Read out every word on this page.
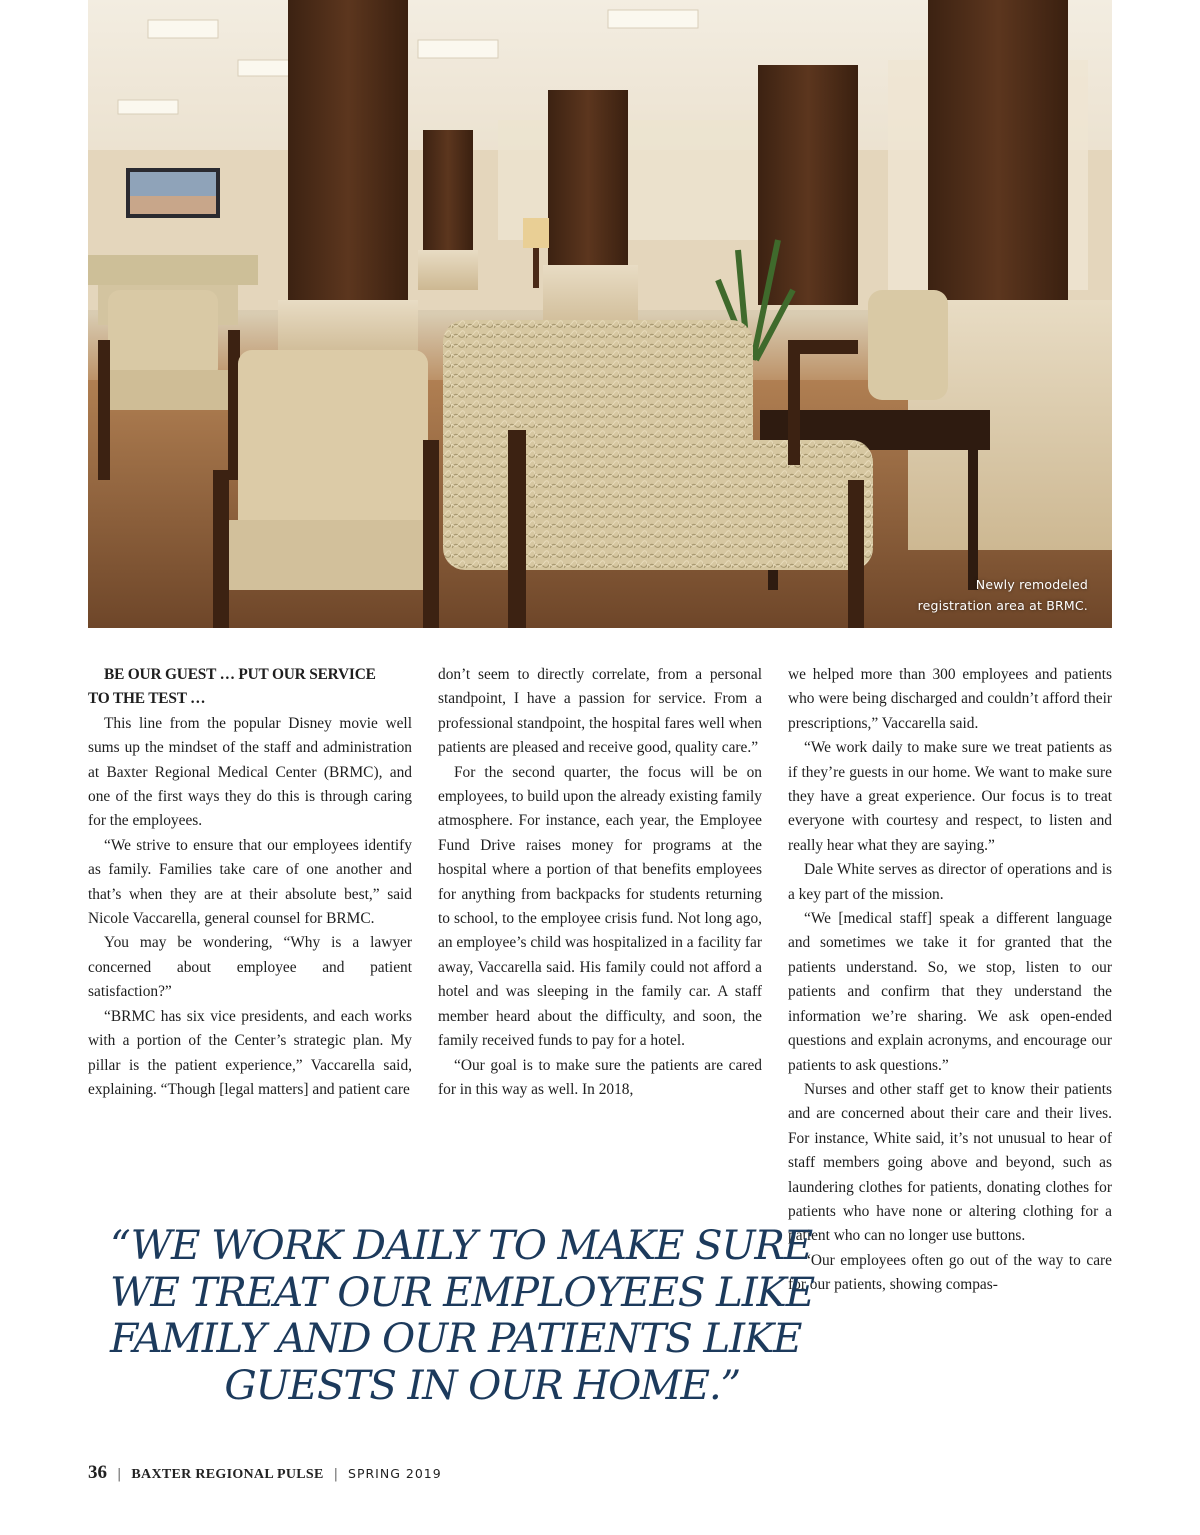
Newly remodeled
registration area at BRMC.

BE OUR GUEST … PUT OUR SERVICE
TO THE TEST …

This line from the popular Disney movie well sums up the mindset of the staff and administration at Baxter Regional Medical Center (BRMC), and one of the first ways they do this is through caring for the employees.

“We strive to ensure that our employees identify as family. Families take care of one another and that’s when they are at their absolute best,” said Nicole Vaccarella, general counsel for BRMC.

You may be wondering, “Why is a lawyer concerned about employee and patient satisfaction?”

“BRMC has six vice presidents, and each works with a portion of the Center’s strategic plan. My pillar is the patient experience,” Vaccarella said, explaining. “Though [legal matters] and patient care

don’t seem to directly correlate, from a personal standpoint, I have a passion for service. From a professional standpoint, the hospital fares well when patients are pleased and receive good, quality care.”

For the second quarter, the focus will be on employees, to build upon the already existing family atmosphere. For instance, each year, the Employee Fund Drive raises money for programs at the hospital where a portion of that benefits employees for anything from backpacks for students returning to school, to the employee crisis fund. Not long ago, an employee’s child was hospitalized in a facility far away, Vaccarella said. His family could not afford a hotel and was sleeping in the family car. A staff member heard about the difficulty, and soon, the family received funds to pay for a hotel.

“Our goal is to make sure the patients are cared for in this way as well. In 2018,

we helped more than 300 employees and patients who were being discharged and couldn’t afford their prescriptions,” Vaccarella said.

“We work daily to make sure we treat patients as if they’re guests in our home. We want to make sure they have a great experience. Our focus is to treat everyone with courtesy and respect, to listen and really hear what they are saying.”

Dale White serves as director of operations and is a key part of the mission.

“We [medical staff] speak a different language and sometimes we take it for granted that the patients understand. So, we stop, listen to our patients and confirm that they understand the information we’re sharing. We ask open-ended questions and explain acronyms, and encourage our patients to ask questions.”

Nurses and other staff get to know their patients and are concerned about their care and their lives. For instance, White said, it’s not unusual to hear of staff members going above and beyond, such as laundering clothes for patients, donating clothes for patients who have none or altering clothing for a patient who can no longer use buttons.

“Our employees often go out of the way to care for our patients, showing compas-

“WE WORK DAILY TO MAKE SURE
WE TREAT OUR EMPLOYEES LIKE
FAMILY AND OUR PATIENTS LIKE
GUESTS IN OUR HOME.”
36 | BAXTER REGIONAL PULSE | SPRING 2019
